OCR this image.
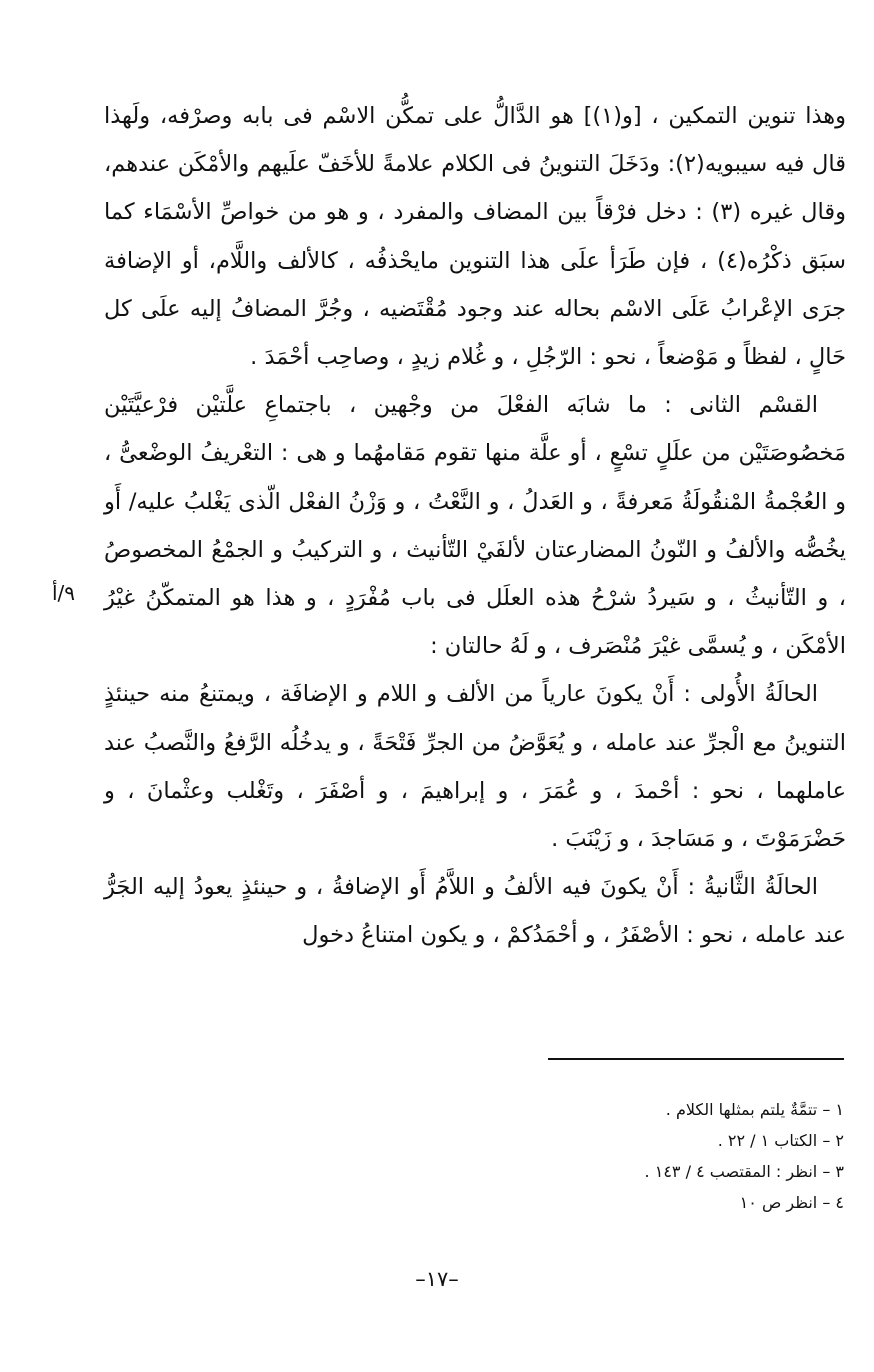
وهذا تنوين التمكين ، [و(١)] هو الدَّالُّ على تمكُّن الاسْم فى بابه وصرْفه، ولَهذا قال فيه سيبويه(٢): ودَخَلَ التنوينُ فى الكلام علامةً للأخَفّ علَيهم والأمْكَن عندهم، وقال غيره (٣) : دخل فرْقاً بين المضاف والمفرد ، و هو من خواصِّ الأسْمَاء كما سبَق ذكْرُه(٤) ، فإن طَرَأ علَى هذا التنوين مايحْذفُه ، كالألف واللَّام، أو الإضافة جرَى الإعْرابُ عَلَى الاسْم بحاله عند وجود مُقْتَضيه ، وجُرَّ المضافُ إليه علَى كل حَالٍ ، لفظاً و مَوْضعاً ، نحو : الرّجُلِ ، و غُلام زيدٍ ، وصاحِب أحْمَدَ .

القسْم الثانى : ما شابَه الفعْلَ من وجْهين ، باجتماعِ علَّتيْن فرْعيَّتَيْن مَخصُوصَتَيْن من علَلٍ تسْعٍ ، أو علَّة منها تقوم مَقامهُما و هى : التعْريفُ الوضْعىُّ ، و العُجْمةُ المْنقُولَةُ مَعرفةً ، و العَدلُ ، و النَّعْتُ ، و وَزْنُ الفعْل الّذى يَغْلبُ عليه/ أَو يخُصُّه والألفُ و النّونُ المضارعتان لألفَيْ التّأنيث ، و التركيبُ و الجمْعُ المخصوصُ ، و التّأنيثُ ، و سَيردُ شرْحُ هذه العلَل فى باب مُفْرَدٍ ، و هذا هو المتمكّنُ غيْرُ الأمْكَن ، و يُسمَّى غيْرَ مُنْصَرف ، و لَهُ حالتان :

الحالَةُ الأُولى : أَنْ يكونَ عارياً من الألف و اللام و الإضافَة ، ويمتنعُ منه حينئذٍ التنوينُ مع الْجرِّ عند عامله ، و يُعَوَّضُ من الجرِّ فَتْحَةً ، و يدخُلُه الرَّفعُ والنَّصبُ عند عاملهما ، نحو : أحْمدَ ، و عُمَرَ ، و إبراهيمَ ، و أصْفَرَ ، وتَغْلب وعثْمانَ ، و حَضْرَمَوْتَ ، و مَسَاجدَ ، و زَيْنَبَ .

الحالَةُ الثَّانيةُ : أَنْ يكونَ فيه الألفُ و اللاَّمُ أَو الإضافةُ ، و حينئذٍ يعودُ إليه الجَرُّ عند عامله ، نحو : الأصْفَرُ ، و أحْمَدُكمْ ، و يكون امتناعُ دخول

٩/أ
١ – تتمَّةٌ يلتم بمثلها الكلام .
٢ – الكتاب ١ / ٢٢ .
٣ – انظر : المقتصب ٤ / ١٤٣ .
٤ – انظر ص ١٠
–١٧–
